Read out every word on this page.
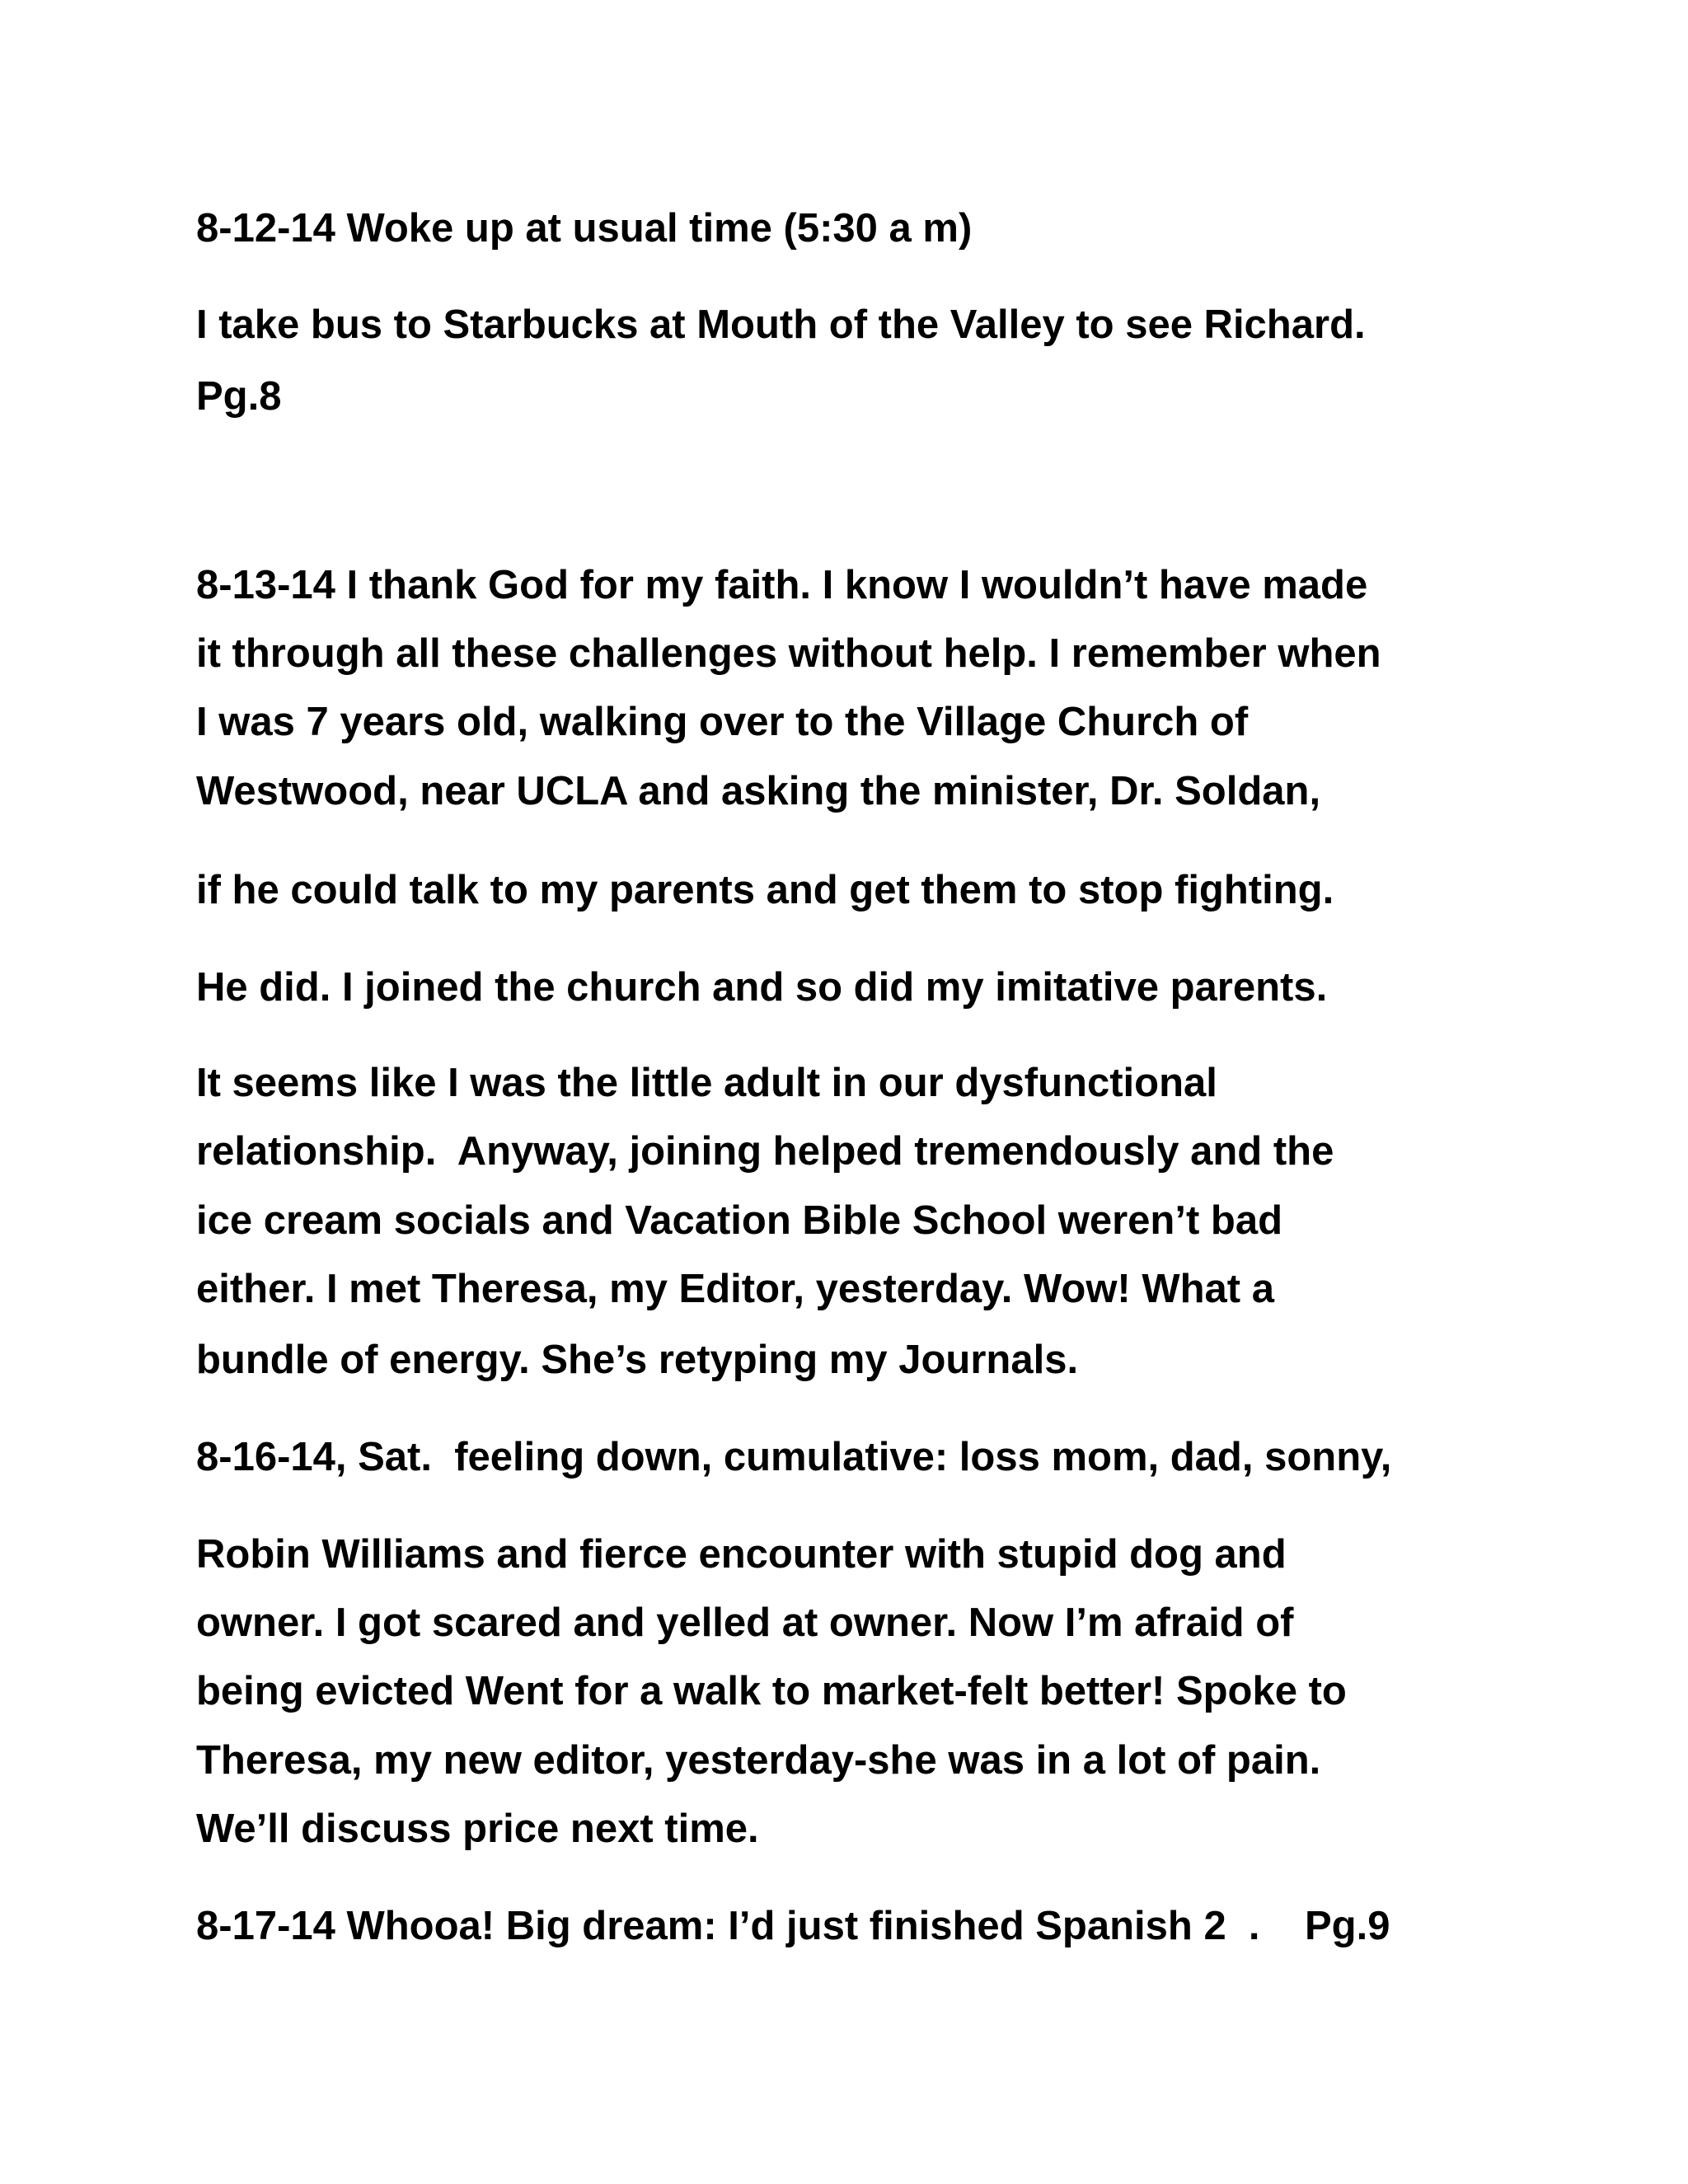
8-12-14 Woke up at usual time (5:30 a m)

I take bus to Starbucks at Mouth of the Valley to see Richard.

Pg.8

8-13-14 I thank God for my faith. I know I wouldn’t have made

it through all these challenges without help. I remember when

I was 7 years old, walking over to the Village Church of

Westwood, near UCLA and asking the minister, Dr. Soldan,

if he could talk to my parents and get them to stop fighting.

He did. I joined the church and so did my imitative parents.

It seems like I was the little adult in our dysfunctional

relationship.  Anyway, joining helped tremendously and the

ice cream socials and Vacation Bible School weren’t bad

either. I met Theresa, my Editor, yesterday. Wow! What a

bundle of energy. She’s retyping my Journals.

8-16-14, Sat.  feeling down, cumulative: loss mom, dad, sonny,

Robin Williams and fierce encounter with stupid dog and

owner. I got scared and yelled at owner. Now I’m afraid of

being evicted Went for a walk to market-felt better! Spoke to

Theresa, my new editor, yesterday-she was in a lot of pain.

We’ll discuss price next time.

8-17-14 Whooa! Big dream: I’d just finished Spanish 2  .    Pg.9
